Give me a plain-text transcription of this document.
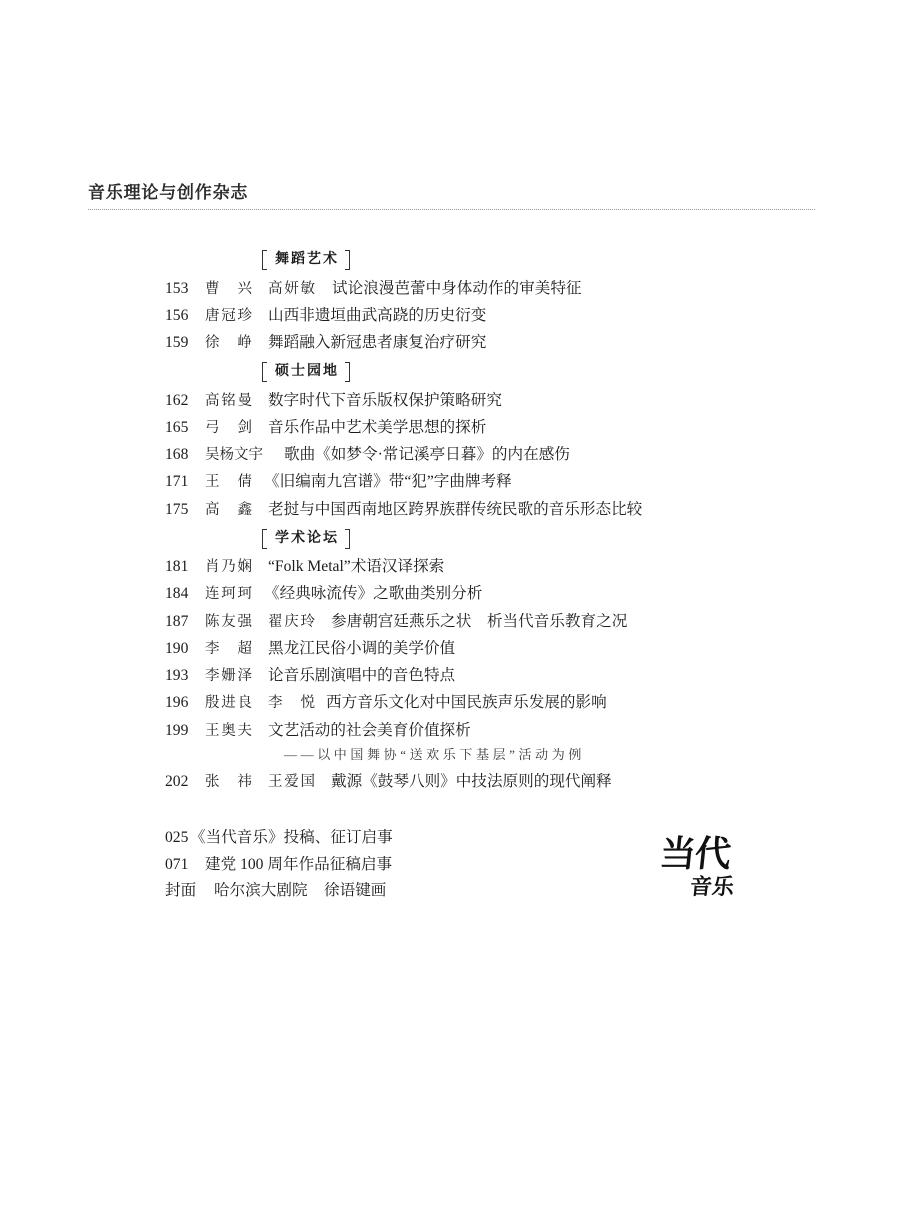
音乐理论与创作杂志
舞蹈艺术
153 曹 兴 高妍敏 试论浪漫芭蕾中身体动作的审美特征
156 唐冠珍 山西非遗垣曲武高跷的历史衍变
159 徐 峥 舞蹈融入新冠患者康复治疗研究
硕士园地
162 高铭曼 数字时代下音乐版权保护策略研究
165 弓 剑 音乐作品中艺术美学思想的探析
168 吴杨文宇 歌曲《如梦令·常记溪亭日暮》的内在感伤
171 王 倩 《旧编南九宫谱》带“犯”字曲牌考释
175 高 鑫 老挝与中国西南地区跨界族群传统民歌的音乐形态比较
学术论坛
181 肖乃娴 “Folk Metal”术语汉译探索
184 连珂珂 《经典咏流传》之歌曲类别分析
187 陈友强 翟庆玲 参唐朝宫廷燕乐之状　析当代音乐教育之况
190 李 超 黑龙江民俗小调的美学价值
193 李姗泽 论音乐剧演唱中的音色特点
196 殷进良 李 悦 西方音乐文化对中国民族声乐发展的影响
199 王奥夫 文艺活动的社会美育价值探析
——以中国舞协“送欢乐下基层”活动为例
202 张 祎 王爱国 戴源《鼓琴八则》中技法原则的现代阐释
025 《当代音乐》投稿、征订启事
071 建党 100 周年作品征稿启事
封面 哈尔滨大剧院 徐语键画
当代
音乐
